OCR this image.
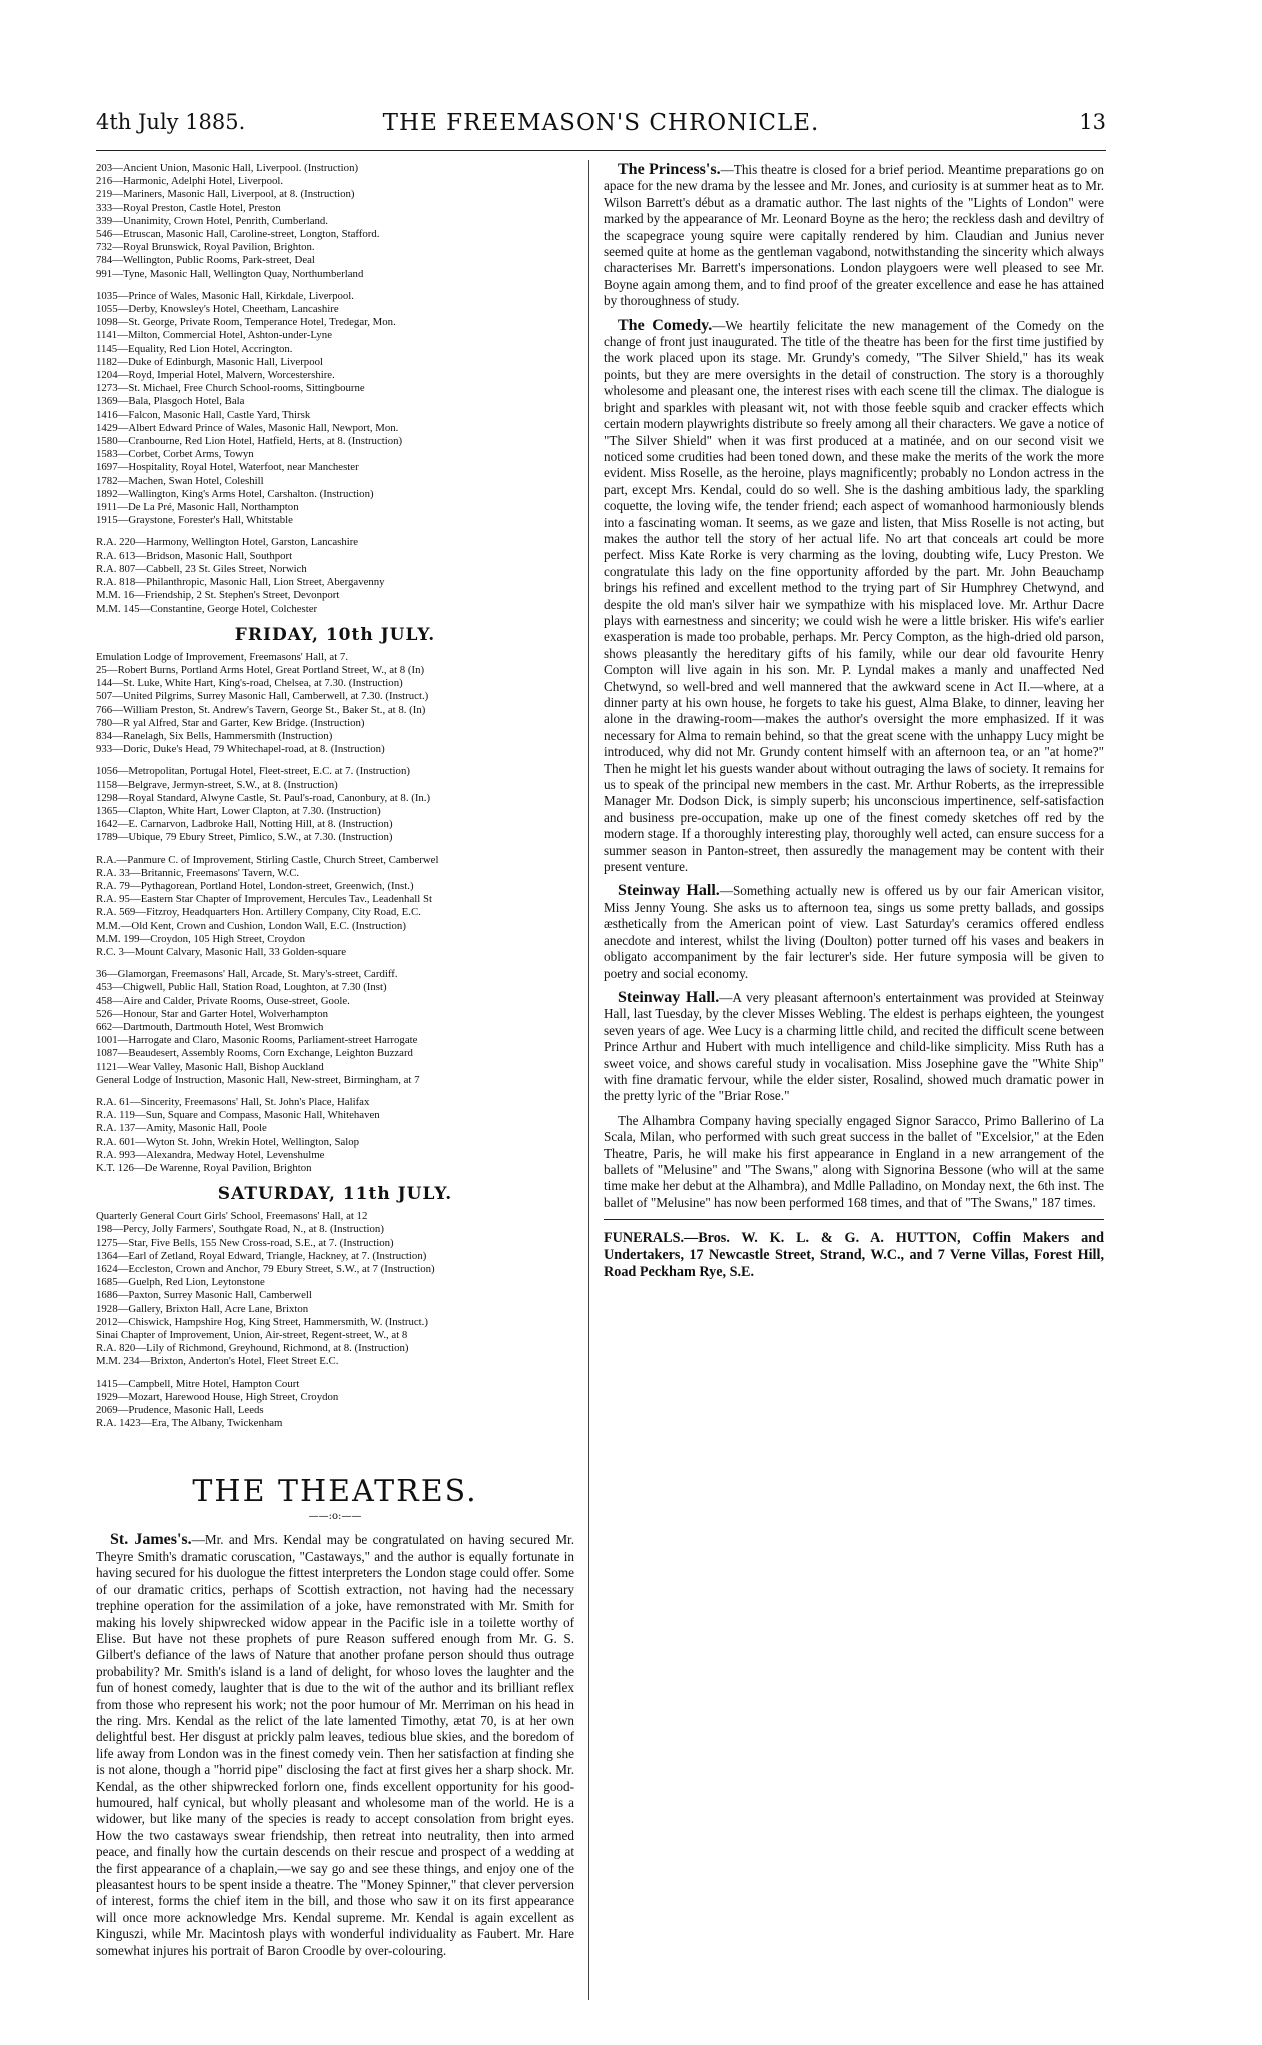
4th July 1885.	THE FREEMASON'S CHRONICLE.	13
203—Ancient Union, Masonic Hall, Liverpool. (Instruction)
216—Harmonic, Adelphi Hotel, Liverpool.
219—Mariners, Masonic Hall, Liverpool, at 8. (Instruction)
333—Royal Preston, Castle Hotel, Preston
339—Unanimity, Crown Hotel, Penrith, Cumberland.
546—Etruscan, Masonic Hall, Caroline-street, Longton, Stafford.
732—Royal Brunswick, Royal Pavilion, Brighton.
784—Wellington, Public Rooms, Park-street, Deal
991—Tyne, Masonic Hall, Wellington Quay, Northumberland
1035—Prince of Wales, Masonic Hall, Kirkdale, Liverpool.
1055—Derby, Knowsley's Hotel, Cheetham, Lancashire
1098—St. George, Private Room, Temperance Hotel, Tredegar, Mon.
1141—Milton, Commercial Hotel, Ashton-under-Lyne
1145—Equality, Red Lion Hotel, Accrington.
1182—Duke of Edinburgh, Masonic Hall, Liverpool
1204—Royd, Imperial Hotel, Malvern, Worcestershire.
1273—St. Michael, Free Church School-rooms, Sittingbourne
1369—Bala, Plasgoch Hotel, Bala
1416—Falcon, Masonic Hall, Castle Yard, Thirsk
1429—Albert Edward Prince of Wales, Masonic Hall, Newport, Mon.
1580—Cranbourne, Red Lion Hotel, Hatfield, Herts, at 8. (Instruction)
1583—Corbet, Corbet Arms, Towyn
1697—Hospitality, Royal Hotel, Waterfoot, near Manchester
1782—Machen, Swan Hotel, Coleshill
1892—Wallington, King's Arms Hotel, Carshalton. (Instruction)
1911—De La Pré, Masonic Hall, Northampton
1915—Graystone, Forester's Hall, Whitstable
R.A. 220—Harmony, Wellington Hotel, Garston, Lancashire
R.A. 613—Bridson, Masonic Hall, Southport
R.A. 807—Cabbell, 23 St. Giles Street, Norwich
R.A. 818—Philanthropic, Masonic Hall, Lion Street, Abergavenny
M.M. 16—Friendship, 2 St. Stephen's Street, Devonport
M.M. 145—Constantine, George Hotel, Colchester
FRIDAY, 10th JULY.
Emulation Lodge of Improvement, Freemasons' Hall, at 7.
25—Robert Burns, Portland Arms Hotel, Great Portland Street, W., at 8 (In)
144—St. Luke, White Hart, King's-road, Chelsea, at 7.30. (Instruction)
507—United Pilgrims, Surrey Masonic Hall, Camberwell, at 7.30. (Instruct.)
766—William Preston, St. Andrew's Tavern, George St., Baker St., at 8. (In)
780—R yal Alfred, Star and Garter, Kew Bridge. (Instruction)
834—Ranelagh, Six Bells, Hammersmith (Instruction)
933—Doric, Duke's Head, 79 Whitechapel-road, at 8. (Instruction)
1056—Metropolitan, Portugal Hotel, Fleet-street, E.C. at 7. (Instruction)
1158—Belgrave, Jermyn-street, S.W., at 8. (Instruction)
1298—Royal Standard, Alwyne Castle, St. Paul's-road, Canonbury, at 8. (In.)
1365—Clapton, White Hart, Lower Clapton, at 7.30. (Instruction)
1642—E. Carnarvon, Ladbroke Hall, Notting Hill, at 8. (Instruction)
1789—Ubique, 79 Ebury Street, Pimlico, S.W., at 7.30. (Instruction)
R.A.—Panmure C. of Improvement, Stirling Castle, Church Street, Camberwel
R.A. 33—Britannic, Freemasons' Tavern, W.C.
R.A. 79—Pythagorean, Portland Hotel, London-street, Greenwich, (Inst.)
R.A. 95—Eastern Star Chapter of Improvement, Hercules Tav., Leadenhall St
R.A. 569—Fitzroy, Headquarters Hon. Artillery Company, City Road, E.C.
M.M.—Old Kent, Crown and Cushion, London Wall, E.C. (Instruction)
M.M. 199—Croydon, 105 High Street, Croydon
R.C. 3—Mount Calvary, Masonic Hall, 33 Golden-square
36—Glamorgan, Freemasons' Hall, Arcade, St. Mary's-street, Cardiff.
453—Chigwell, Public Hall, Station Road, Loughton, at 7.30 (Inst)
458—Aire and Calder, Private Rooms, Ouse-street, Goole.
526—Honour, Star and Garter Hotel, Wolverhampton
662—Dartmouth, Dartmouth Hotel, West Bromwich
1001—Harrogate and Claro, Masonic Rooms, Parliament-street Harrogate
1087—Beaudesert, Assembly Rooms, Corn Exchange, Leighton Buzzard
1121—Wear Valley, Masonic Hall, Bishop Auckland
General Lodge of Instruction, Masonic Hall, New-street, Birmingham, at 7
R.A. 61—Sincerity, Freemasons' Hall, St. John's Place, Halifax
R.A. 119—Sun, Square and Compass, Masonic Hall, Whitehaven
R.A. 137—Amity, Masonic Hall, Poole
R.A. 601—Wyton St. John, Wrekin Hotel, Wellington, Salop
R.A. 993—Alexandra, Medway Hotel, Levenshulme
K.T. 126—De Warenne, Royal Pavilion, Brighton
SATURDAY, 11th JULY.
Quarterly General Court Girls' School, Freemasons' Hall, at 12
198—Percy, Jolly Farmers', Southgate Road, N., at 8. (Instruction)
1275—Star, Five Bells, 155 New Cross-road, S.E., at 7. (Instruction)
1364—Earl of Zetland, Royal Edward, Triangle, Hackney, at 7. (Instruction)
1624—Eccleston, Crown and Anchor, 79 Ebury Street, S.W., at 7 (Instruction)
1685—Guelph, Red Lion, Leytonstone
1686—Paxton, Surrey Masonic Hall, Camberwell
1928—Gallery, Brixton Hall, Acre Lane, Brixton
2012—Chiswick, Hampshire Hog, King Street, Hammersmith, W. (Instruct.)
Sinai Chapter of Improvement, Union, Air-street, Regent-street, W., at 8
R.A. 820—Lily of Richmond, Greyhound, Richmond, at 8. (Instruction)
M.M. 234—Brixton, Anderton's Hotel, Fleet Street E.C.
1415—Campbell, Mitre Hotel, Hampton Court
1929—Mozart, Harewood House, High Street, Croydon
2069—Prudence, Masonic Hall, Leeds
R.A. 1423—Era, The Albany, Twickenham
THE THEATRES.
——:o:——

St. James's.—Mr. and Mrs. Kendal may be congratulated on having secured Mr. Theyre Smith's dramatic coruscation, "Castaways," and the author is equally fortunate in having secured for his duologue the fittest interpreters the London stage could offer. Some of our dramatic critics, perhaps of Scottish extraction, not having had the necessary trephine operation for the assimilation of a joke, have remonstrated with Mr. Smith for making his lovely shipwrecked widow appear in the Pacific isle in a toilette worthy of Elise. But have not these prophets of pure Reason suffered enough from Mr. G. S. Gilbert's defiance of the laws of Nature that another profane person should thus outrage probability? Mr. Smith's island is a land of delight, for whoso loves the laughter and the fun of honest comedy, laughter that is due to the wit of the author and its brilliant reflex from those who represent his work; not the poor humour of Mr. Merriman on his head in the ring. Mrs. Kendal as the relict of the late lamented Timothy, ætat 70, is at her own delightful best. Her disgust at prickly palm leaves, tedious blue skies, and the boredom of life away from London was in the finest comedy vein. Then her satisfaction at finding she is not alone, though a "horrid pipe" disclosing the fact at first gives her a sharp shock. Mr. Kendal, as the other shipwrecked forlorn one, finds excellent opportunity for his good-humoured, half cynical, but wholly pleasant and wholesome man of the world. He is a widower, but like many of the species is ready to accept consolation from bright eyes. How the two castaways swear friendship, then retreat into neutrality, then into armed peace, and finally how the curtain descends on their rescue and prospect of a wedding at the first appearance of a chaplain,—we say go and see these things, and enjoy one of the pleasantest hours to be spent inside a theatre. The "Money Spinner," that clever perversion of interest, forms the chief item in the bill, and those who saw it on its first appearance will once more acknowledge Mrs. Kendal supreme. Mr. Kendal is again excellent as Kinguszi, while Mr. Macintosh plays with wonderful individuality as Faubert. Mr. Hare somewhat injures his portrait of Baron Croodle by over-colouring.

The Princess's.—This theatre is closed for a brief period. Meantime preparations go on apace for the new drama by the lessee and Mr. Jones, and curiosity is at summer heat as to Mr. Wilson Barrett's début as a dramatic author. The last nights of the "Lights of London" were marked by the appearance of Mr. Leonard Boyne as the hero; the reckless dash and deviltry of the scapegrace young squire were capitally rendered by him. Claudian and Junius never seemed quite at home as the gentleman vagabond, notwithstanding the sincerity which always characterises Mr. Barrett's impersonations. London playgoers were well pleased to see Mr. Boyne again among them, and to find proof of the greater excellence and ease he has attained by thoroughness of study.

The Comedy.—We heartily felicitate the new management of the Comedy on the change of front just inaugurated. The title of the theatre has been for the first time justified by the work placed upon its stage. Mr. Grundy's comedy, "The Silver Shield," has its weak points, but they are mere oversights in the detail of construction. The story is a thoroughly wholesome and pleasant one, the interest rises with each scene till the climax. The dialogue is bright and sparkles with pleasant wit, not with those feeble squib and cracker effects which certain modern playwrights distribute so freely among all their characters. We gave a notice of "The Silver Shield" when it was first produced at a matinée, and on our second visit we noticed some crudities had been toned down, and these make the merits of the work the more evident. Miss Roselle, as the heroine, plays magnificently; probably no London actress in the part, except Mrs. Kendal, could do so well. She is the dashing ambitious lady, the sparkling coquette, the loving wife, the tender friend; each aspect of womanhood harmoniously blends into a fascinating woman. It seems, as we gaze and listen, that Miss Roselle is not acting, but makes the author tell the story of her actual life. No art that conceals art could be more perfect. Miss Kate Rorke is very charming as the loving, doubting wife, Lucy Preston. We congratulate this lady on the fine opportunity afforded by the part. Mr. John Beauchamp brings his refined and excellent method to the trying part of Sir Humphrey Chetwynd, and despite the old man's silver hair we sympathize with his misplaced love. Mr. Arthur Dacre plays with earnestness and sincerity; we could wish he were a little brisker. His wife's earlier exasperation is made too probable, perhaps. Mr. Percy Compton, as the high-dried old parson, shows pleasantly the hereditary gifts of his family, while our dear old favourite Henry Compton will live again in his son. Mr. P. Lyndal makes a manly and unaffected Ned Chetwynd, so well-bred and well mannered that the awkward scene in Act II.—where, at a dinner party at his own house, he forgets to take his guest, Alma Blake, to dinner, leaving her alone in the drawing-room—makes the author's oversight the more emphasized. If it was necessary for Alma to remain behind, so that the great scene with the unhappy Lucy might be introduced, why did not Mr. Grundy content himself with an afternoon tea, or an "at home?" Then he might let his guests wander about without outraging the laws of society. It remains for us to speak of the principal new members in the cast. Mr. Arthur Roberts, as the irrepressible Manager Mr. Dodson Dick, is simply superb; his unconscious impertinence, self-satisfaction and business pre-occupation, make up one of the finest comedy sketches off red by the modern stage. If a thoroughly interesting play, thoroughly well acted, can ensure success for a summer season in Panton-street, then assuredly the management may be content with their present venture.

Steinway Hall.—Something actually new is offered us by our fair American visitor, Miss Jenny Young. She asks us to afternoon tea, sings us some pretty ballads, and gossips æsthetically from the American point of view. Last Saturday's ceramics offered endless anecdote and interest, whilst the living (Doulton) potter turned off his vases and beakers in obligato accompaniment by the fair lecturer's side. Her future symposia will be given to poetry and social economy.

Steinway Hall.—A very pleasant afternoon's entertainment was provided at Steinway Hall, last Tuesday, by the clever Misses Webling. The eldest is perhaps eighteen, the youngest seven years of age. Wee Lucy is a charming little child, and recited the difficult scene between Prince Arthur and Hubert with much intelligence and child-like simplicity. Miss Ruth has a sweet voice, and shows careful study in vocalisation. Miss Josephine gave the "White Ship" with fine dramatic fervour, while the elder sister, Rosalind, showed much dramatic power in the pretty lyric of the "Briar Rose."

The Alhambra Company having specially engaged Signor Saracco, Primo Ballerino of La Scala, Milan, who performed with such great success in the ballet of "Excelsior," at the Eden Theatre, Paris, he will make his first appearance in England in a new arrangement of the ballets of "Melusine" and "The Swans," along with Signorina Bessone (who will at the same time make her debut at the Alhambra), and Mdlle Palladino, on Monday next, the 6th inst. The ballet of "Melusine" has now been performed 168 times, and that of "The Swans," 187 times.

FUNERALS.—Bros. W. K. L. & G. A. HUTTON, Coffin Makers and Undertakers, 17 Newcastle Street, Strand, W.C., and 7 Verne Villas, Forest Hill, Road Peckham Rye, S.E.
